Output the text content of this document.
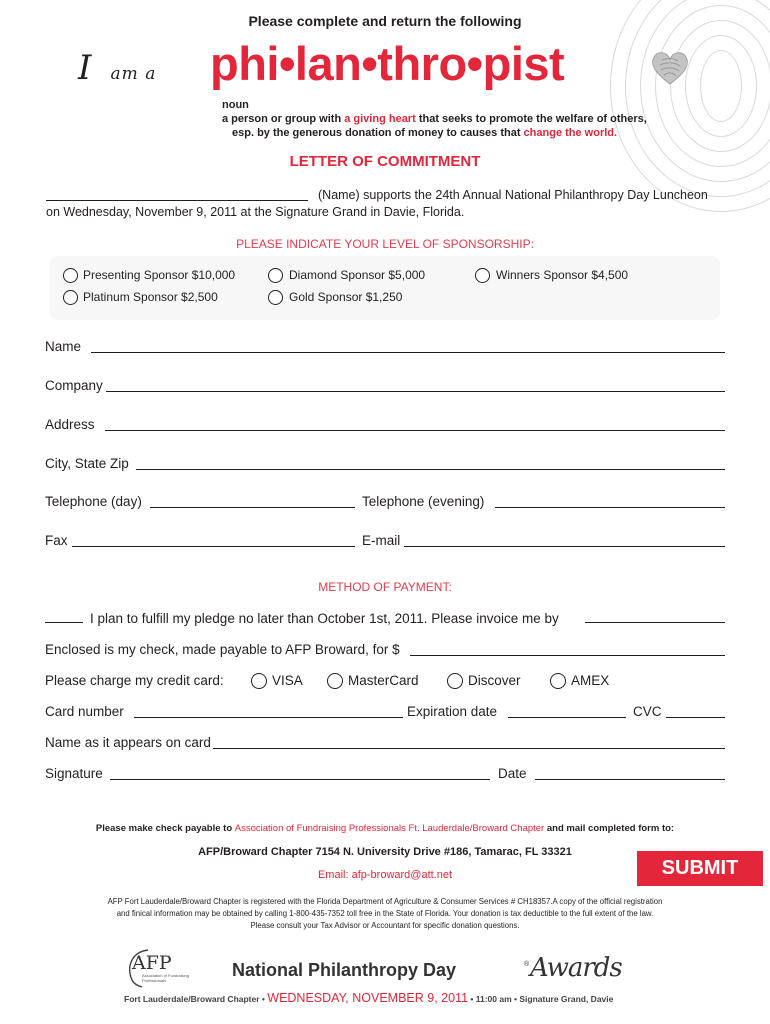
Please complete and return the following
I am a phi•lan•thro•pist
noun
a person or group with a giving heart that seeks to promote the welfare of others,
esp. by the generous donation of money to causes that change the world.
LETTER OF COMMITMENT
(Name) supports the 24th Annual National Philanthropy Day Luncheon
on Wednesday, November 9, 2011 at the Signature Grand in Davie, Florida.
PLEASE INDICATE YOUR LEVEL OF SPONSORSHIP:
Presenting Sponsor $10,000	Diamond Sponsor $5,000	Winners Sponsor $4,500
Platinum Sponsor $2,500	Gold Sponsor $1,250
Name
Company
Address
City, State Zip
Telephone (day)	Telephone (evening)
Fax	E-mail
METHOD OF PAYMENT:
I plan to fulfill my pledge no later than October 1st, 2011. Please invoice me by
Enclosed is my check, made payable to AFP Broward, for $
Please charge my credit card:	VISA	MasterCard	Discover	AMEX
Card number	Expiration date	CVC
Name as it appears on card
Signature	Date
Please make check payable to Association of Fundraising Professionals Ft. Lauderdale/Broward Chapter and mail completed form to:
AFP/Broward Chapter 7154 N. University Drive #186, Tamarac, FL 33321
Email: afp-broward@att.net	SUBMIT
AFP Fort Lauderdale/Broward Chapter is registered with the Florida Department of Agriculture & Consumer Services # CH18357.A copy of the official registration
and finical information may be obtained by calling 1-800-435-7352 toll free in the State of Florida. Your donation is tax deductible to the full extent of the law.
Please consult your Tax Advisor or Accountant for specific donation questions.
AFP
Association of Fundraising Professionals
National Philanthropy Day	® Awards
Fort Lauderdale/Broward Chapter • WEDNESDAY, NOVEMBER 9, 2011 • 11:00 am • Signature Grand, Davie
